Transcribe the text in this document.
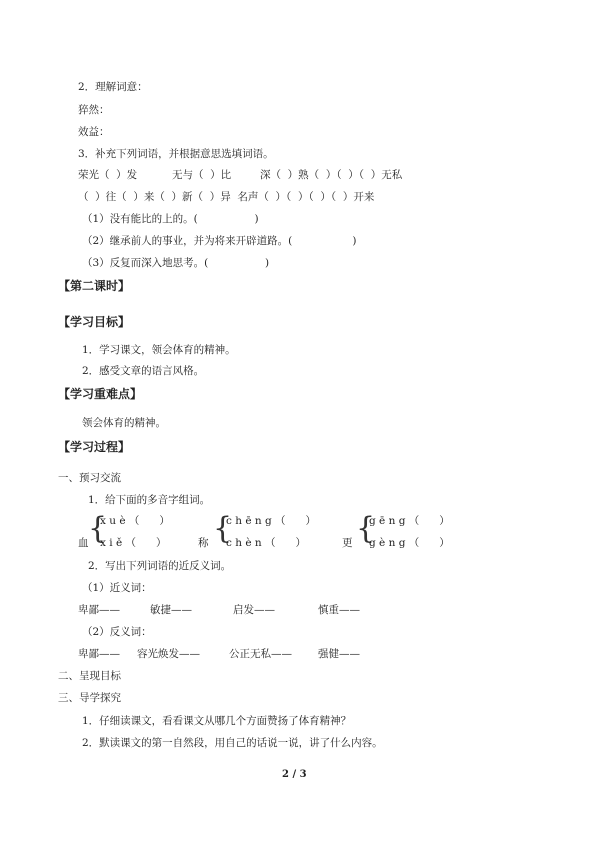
2．理解词意：
猝然：
效益：
3．补充下列词语，并根据意思选填词语。
荣光（  ）发	无与（  ）比	深（  ）熟（  ）（  ）（  ）无私
（  ）往（  ）来（  ）新（  ）异  名声（  ）（  ）（  ）（  ）开来
（1）没有能比的上的。(                 )
（2）继承前人的事业，并为将来开辟道路。(                  )
（3）反复而深入地思考。(                 )
【第二课时】
【学习目标】
1．学习课文，领会体育的精神。
2．感受文章的语言风格。
【学习重难点】
领会体育的精神。
【学习过程】
一、预习交流
1．给下面的多音字组词。
血 {
x u è （      ）
x i ě （      ）	称 {
c h ē n g （      ）
c h è n （      ）	更 {
g ē n g （      ）
g è n g （      ）
2．写出下列词语的近反义词。
（1）近义词：
卑鄙——	敏捷——	启发——	慎重——
（2）反义词：
卑鄙—— 容光焕发——	公正无私—— 强健——
二、呈现目标
三、导学探究
1．仔细读课文，看看课文从哪几个方面赞扬了体育精神？
2．默读课文的第一自然段，用自己的话说一说，讲了什么内容。
2 / 3
